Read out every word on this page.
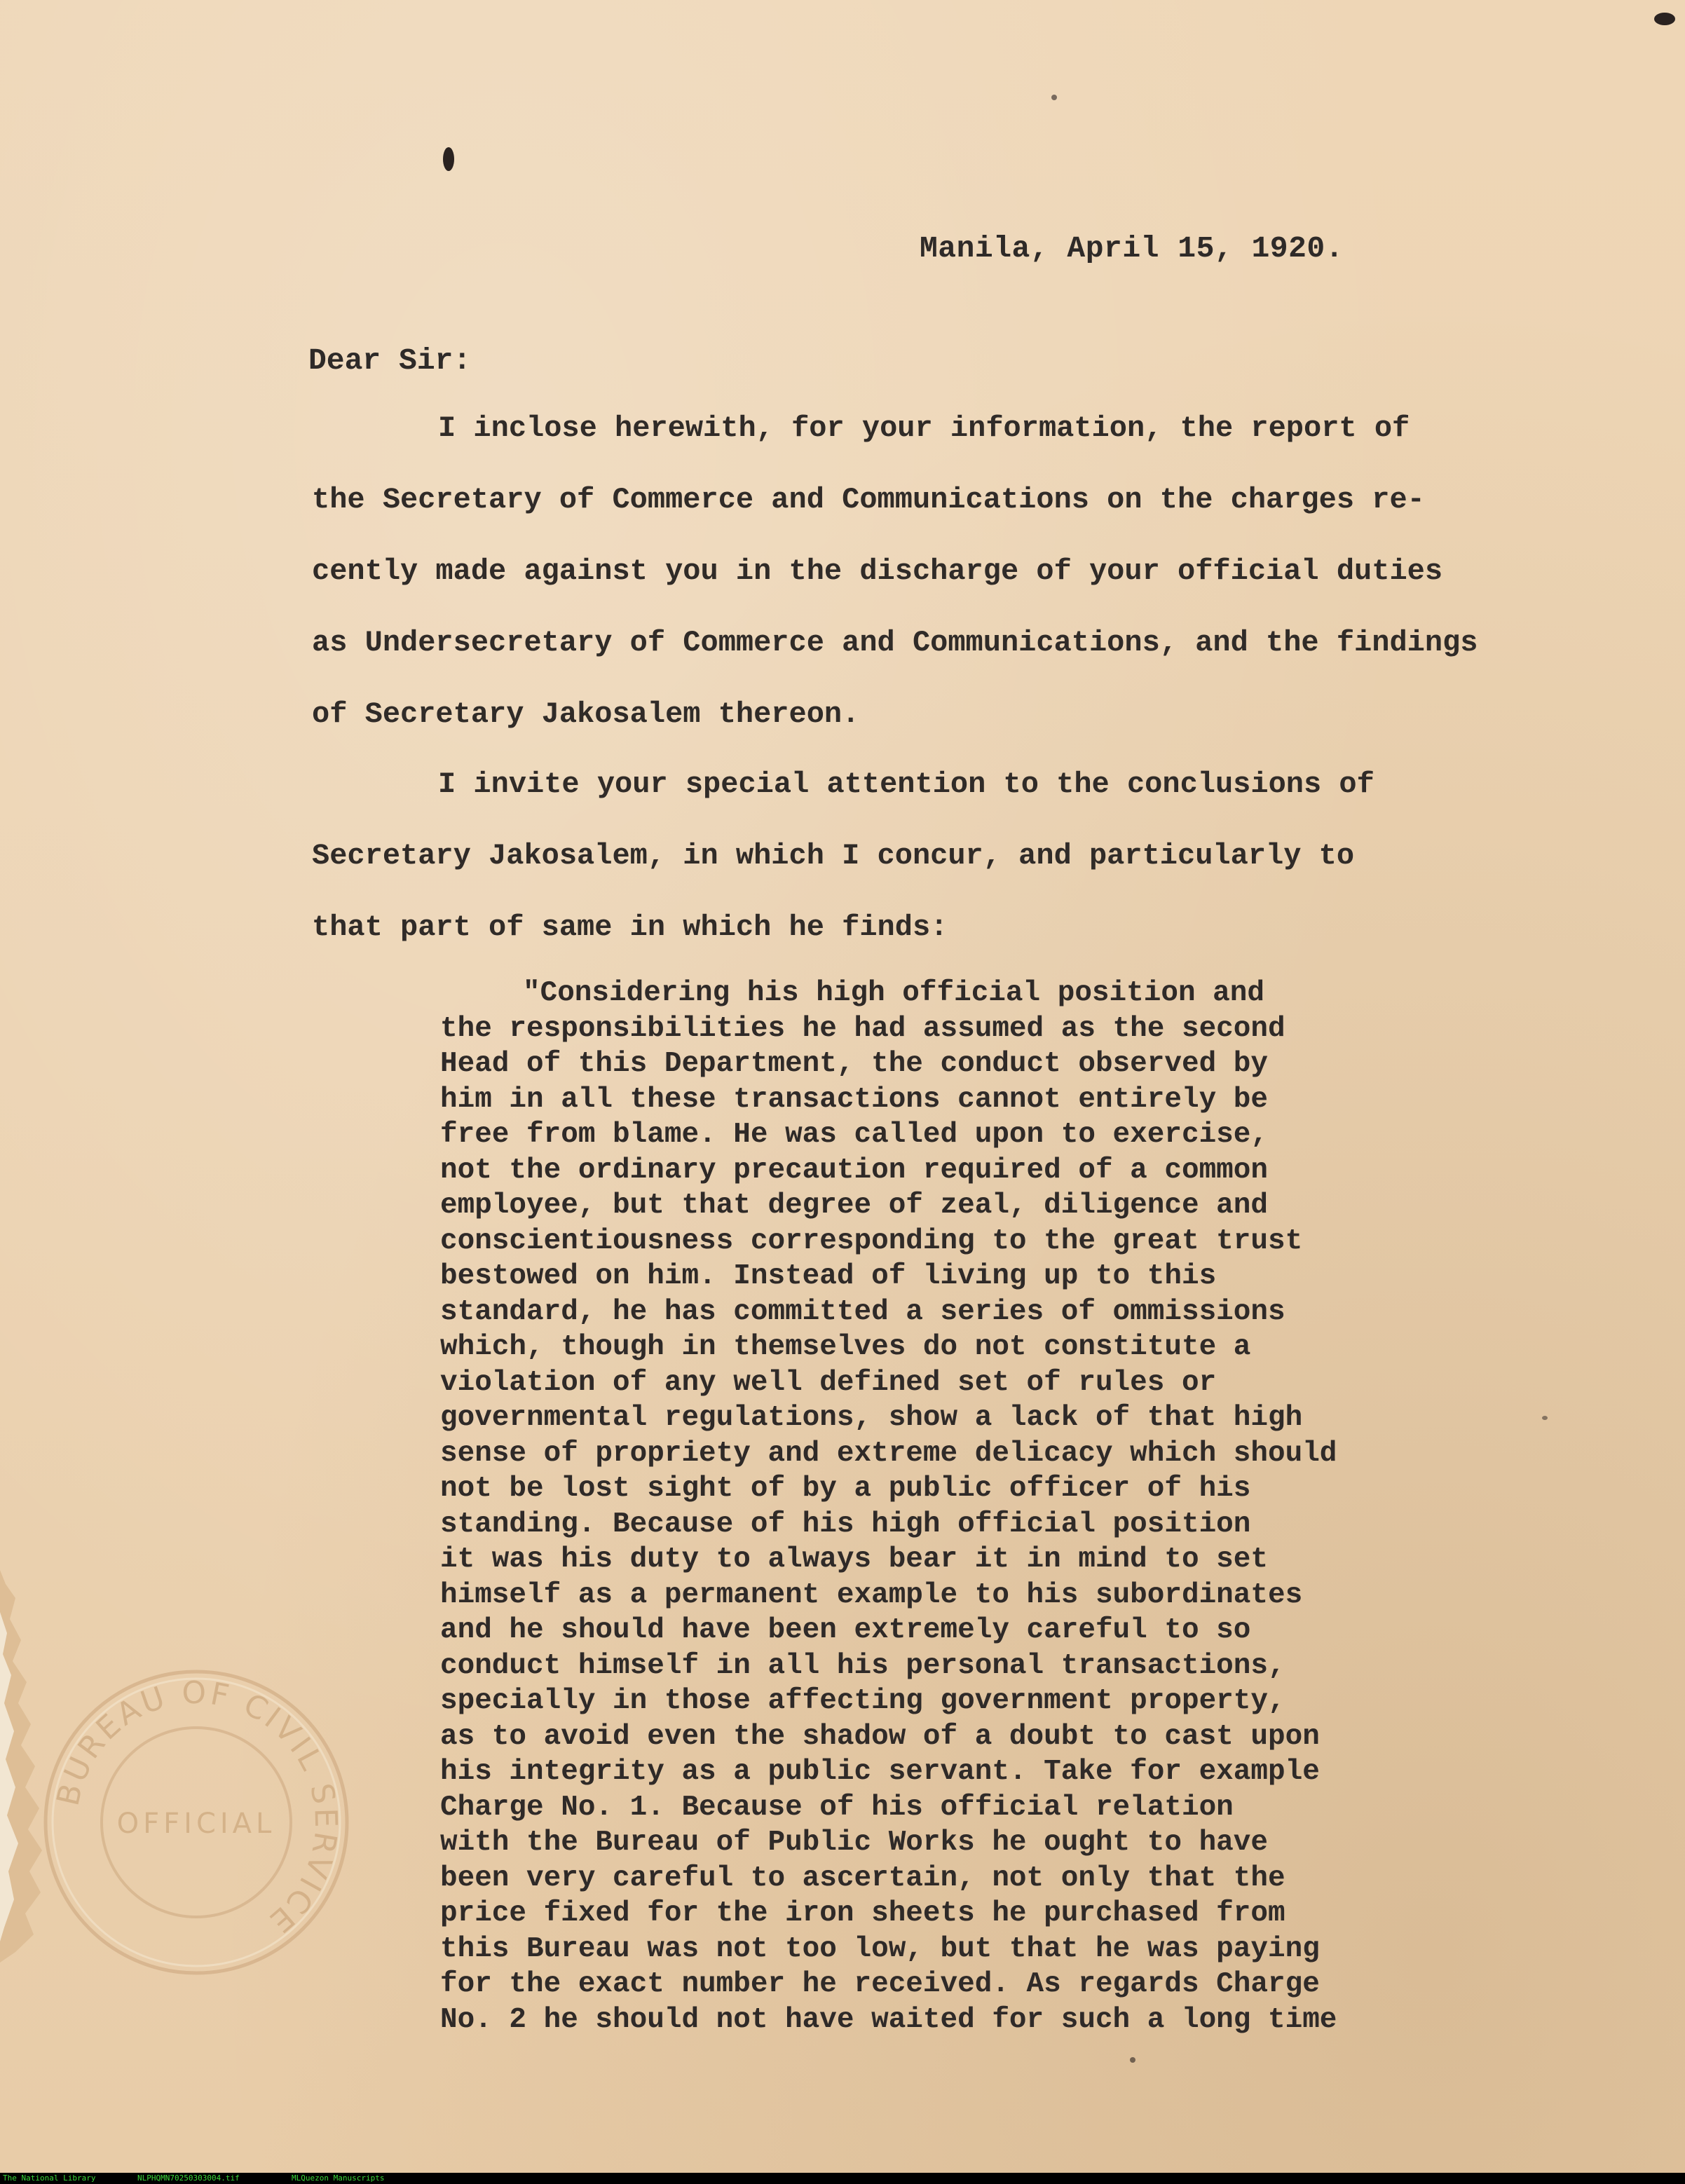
BUREAU OF CIVIL SERVICE
OFFICIAL
Manila, April 15, 1920.
Dear Sir:
I inclose herewith, for your information, the report of
the Secretary of Commerce and Communications on the charges re-
cently made against you in the discharge of your official duties
as Undersecretary of Commerce and Communications, and the findings
of Secretary Jakosalem thereon.
I invite your special attention to the conclusions of
Secretary Jakosalem, in which I concur, and particularly to
that part of same in which he finds:
"Considering his high official position and
the responsibilities he had assumed as the second
Head of this Department, the conduct observed by
him in all these transactions cannot entirely be
free from blame. He was called upon to exercise,
not the ordinary precaution required of a common
employee, but that degree of zeal, diligence and
conscientiousness corresponding to the great trust
bestowed on him. Instead of living up to this
standard, he has committed a series of ommissions
which, though in themselves do not constitute a
violation of any well defined set of rules or
governmental regulations, show a lack of that high
sense of propriety and extreme delicacy which should
not be lost sight of by a public officer of his
standing. Because of his high official position
it was his duty to always bear it in mind to set
himself as a permanent example to his subordinates
and he should have been extremely careful to so
conduct himself in all his personal transactions,
specially in those affecting government property,
as to avoid even the shadow of a doubt to cast upon
his integrity as a public servant. Take for example
Charge No. 1. Because of his official relation
with the Bureau of Public Works he ought to have
been very careful to ascertain, not only that the
price fixed for the iron sheets he purchased from
this Bureau was not too low, but that he was paying
for the exact number he received. As regards Charge
No. 2 he should not have waited for such a long time
The National Library	NLPHQMN70250303004.tif	MLQuezon Manuscripts
